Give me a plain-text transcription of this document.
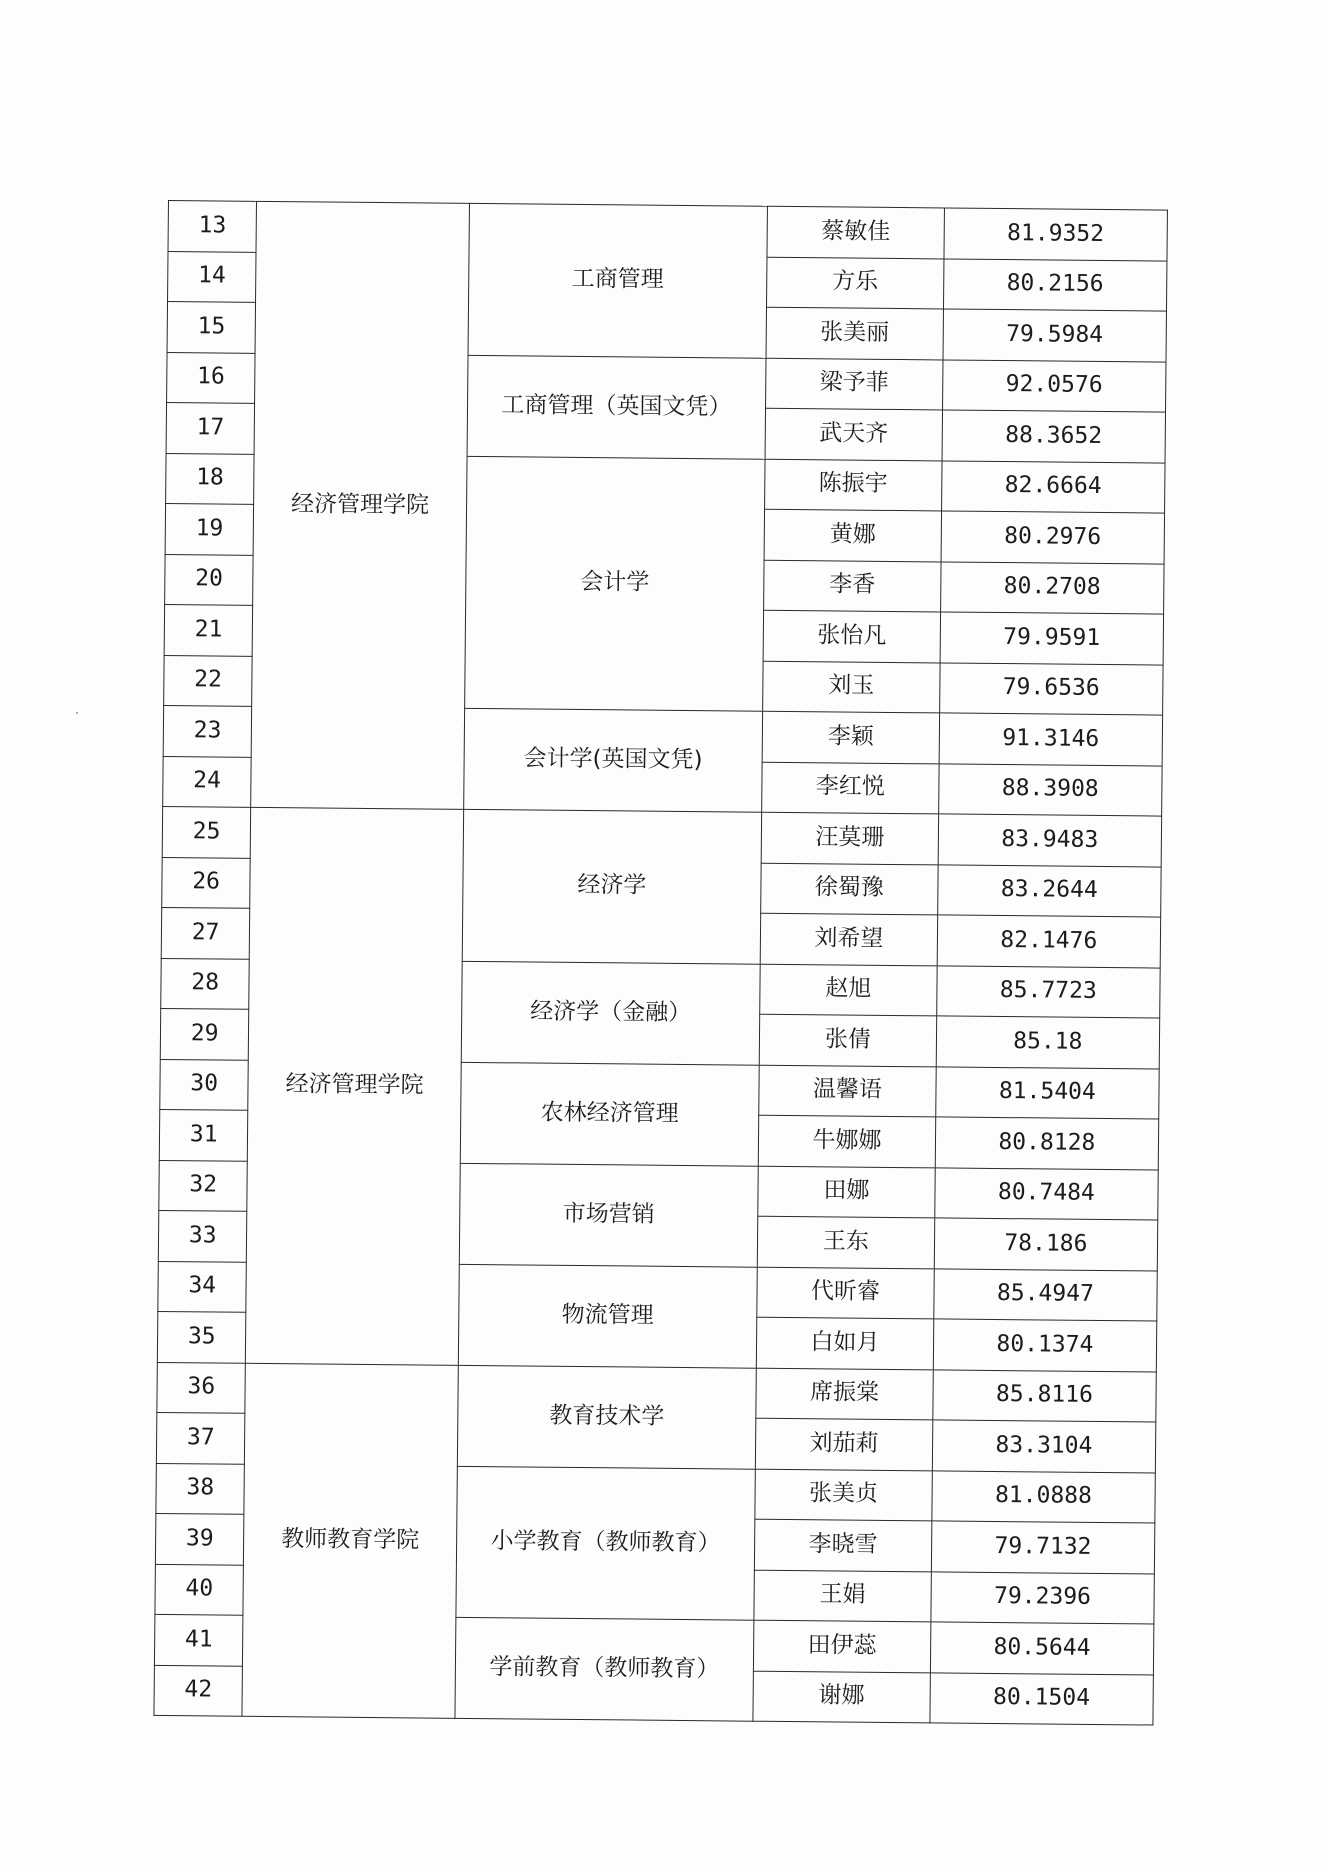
13	经济管理学院	工商管理	蔡敏佳	81.9352
14			方乐	80.2156
15			张美丽	79.5984
16		工商管理（英国文凭）	梁予菲	92.0576
17			武天齐	88.3652
18		会计学	陈振宇	82.6664
19			黄娜	80.2976
20			李香	80.2708
21			张怡凡	79.9591
22			刘玉	79.6536
23		会计学(英国文凭)	李颖	91.3146
24			李红悦	88.3908
25	经济管理学院	经济学	汪莫珊	83.9483
26			徐蜀豫	83.2644
27			刘希望	82.1476
28		经济学（金融）	赵旭	85.7723
29			张倩	85.18
30		农林经济管理	温馨语	81.5404
31			牛娜娜	80.8128
32		市场营销	田娜	80.7484
33			王东	78.186
34		物流管理	代昕睿	85.4947
35			白如月	80.1374
36	教师教育学院	教育技术学	席振棠	85.8116
37			刘茄莉	83.3104
38		小学教育（教师教育）	张美贞	81.0888
39			李晓雪	79.7132
40			王娟	79.2396
41		学前教育（教师教育）	田伊蕊	80.5644
42			谢娜	80.1504
